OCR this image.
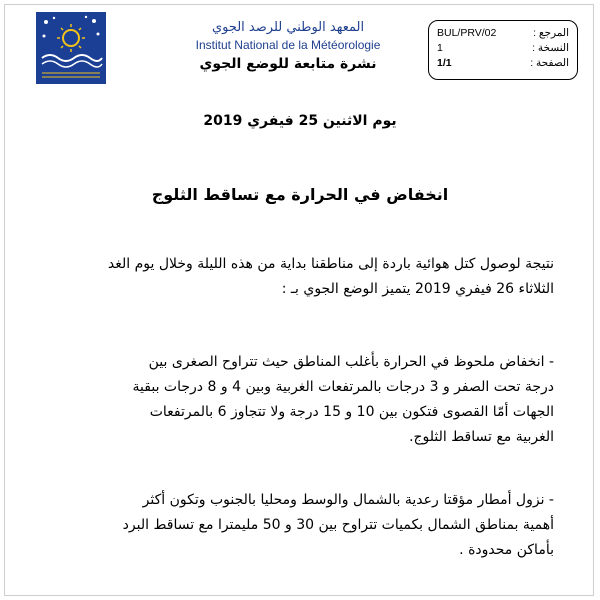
المعهد الوطني للرصد الجوي
Institut National de la Météorologie
نشرة متابعة للوضع الجوي
BUL/PRV/02	المرجع :
1	النسخة :
1/1	الصفحة :
يوم الاثنين 25 فيفري 2019
انخفاض في الحرارة مع تساقط الثلوج
نتيجة لوصول كتل هوائية باردة إلى مناطقنا بداية من هذه الليلة وخلال يوم الغد
الثلاثاء 26 فيفري 2019 يتميز الوضع الجوي بـ :
- انخفاض ملحوظ في الحرارة بأغلب المناطق حيث تتراوح الصغرى بين
درجة تحت الصفر و 3 درجات بالمرتفعات الغربية وبين 4 و 8 درجات ببقية
الجهات أمّا القصوى فتكون بين 10 و 15 درجة ولا تتجاوز 6 بالمرتفعات
الغربية مع تساقط الثلوج.
- نزول أمطار مؤقتا رعدية بالشمال والوسط ومحليا بالجنوب وتكون أكثر
أهمية بمناطق الشمال بكميات تتراوح بين 30 و 50 مليمترا مع تساقط البرد
بأماكن محدودة .
